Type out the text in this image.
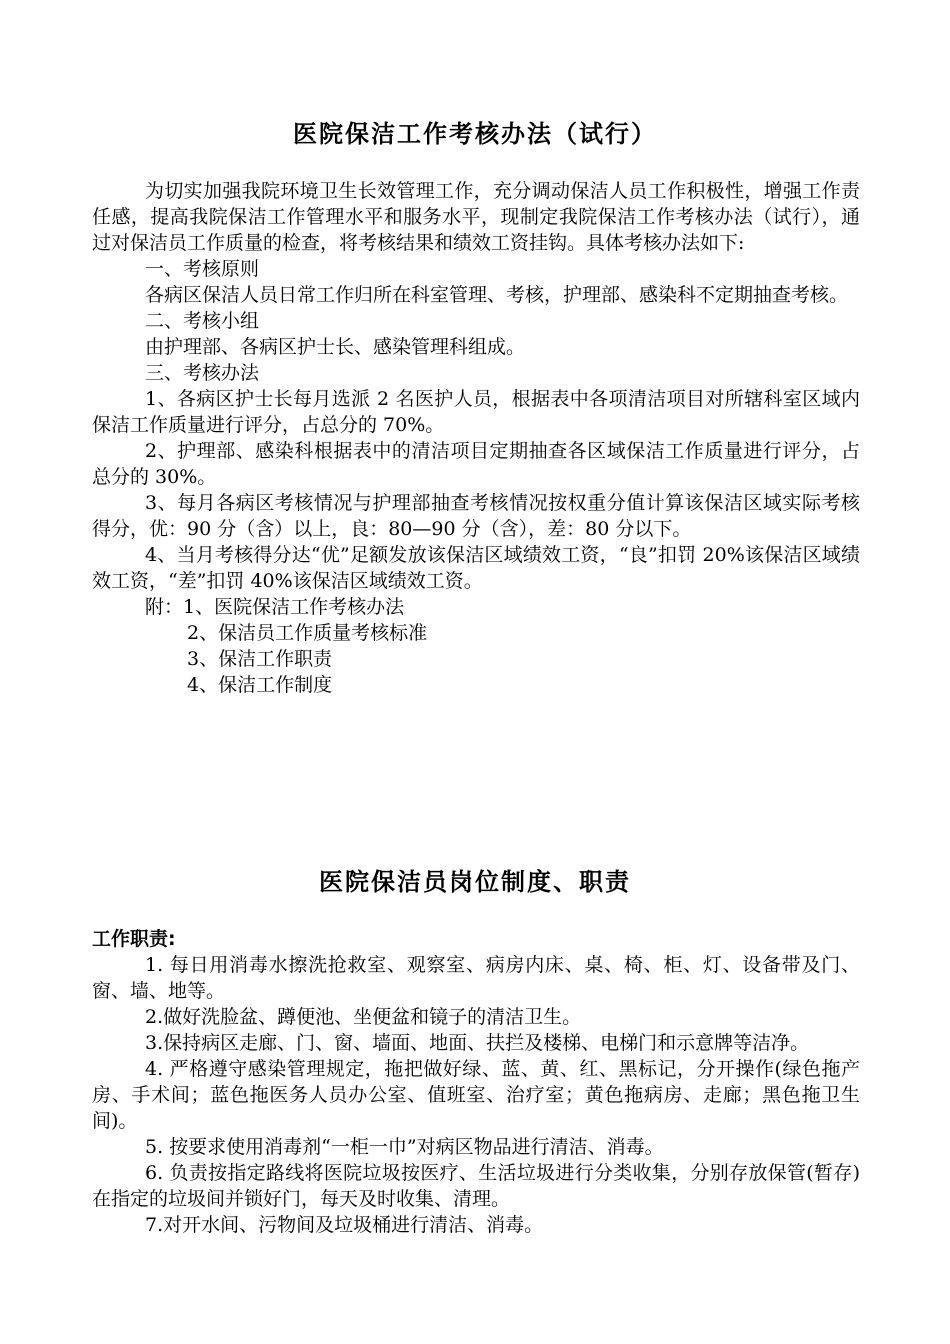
医院保洁工作考核办法（试行）

为切实加强我院环境卫生长效管理工作，充分调动保洁人员工作积极性，增强工作责任感，提高我院保洁工作管理水平和服务水平，现制定我院保洁工作考核办法（试行），通过对保洁员工作质量的检查，将考核结果和绩效工资挂钩。具体考核办法如下:

一、考核原则

各病区保洁人员日常工作归所在科室管理、考核，护理部、感染科不定期抽查考核。

二、考核小组

由护理部、各病区护士长、感染管理科组成。

三、考核办法

1、各病区护士长每月选派 2 名医护人员，根据表中各项清洁项目对所辖科室区域内保洁工作质量进行评分，占总分的 70%。

2、护理部、感染科根据表中的清洁项目定期抽查各区域保洁工作质量进行评分，占总分的 30%。

3、每月各病区考核情况与护理部抽查考核情况按权重分值计算该保洁区域实际考核得分，优：90 分（含）以上，良：80—90 分（含），差：80 分以下。

4、当月考核得分达“优”足额发放该保洁区域绩效工资，“良”扣罚 20%该保洁区域绩效工资，“差”扣罚 40%该保洁区域绩效工资。

附：1、医院保洁工作考核办法

2、保洁员工作质量考核标准

3、保洁工作职责

4、保洁工作制度

医院保洁员岗位制度、职责
工作职责:

1. 每日用消毒水擦洗抢救室、观察室、病房内床、桌、椅、柜、灯、设备带及门、窗、墙、地等。

2.做好洗脸盆、蹲便池、坐便盆和镜子的清洁卫生。

3.保持病区走廊、门、窗、墙面、地面、扶拦及楼梯、电梯门和示意牌等洁净。

4. 严格遵守感染管理规定，拖把做好绿、蓝、黄、红、黑标记，分开操作(绿色拖产房、手术间；蓝色拖医务人员办公室、值班室、治疗室；黄色拖病房、走廊；黑色拖卫生间)。

5. 按要求使用消毒剂“一柜一巾”对病区物品进行清洁、消毒。

6. 负责按指定路线将医院垃圾按医疗、生活垃圾进行分类收集，分别存放保管(暂存)在指定的垃圾间并锁好门，每天及时收集、清理。

7.对开水间、污物间及垃圾桶进行清洁、消毒。
